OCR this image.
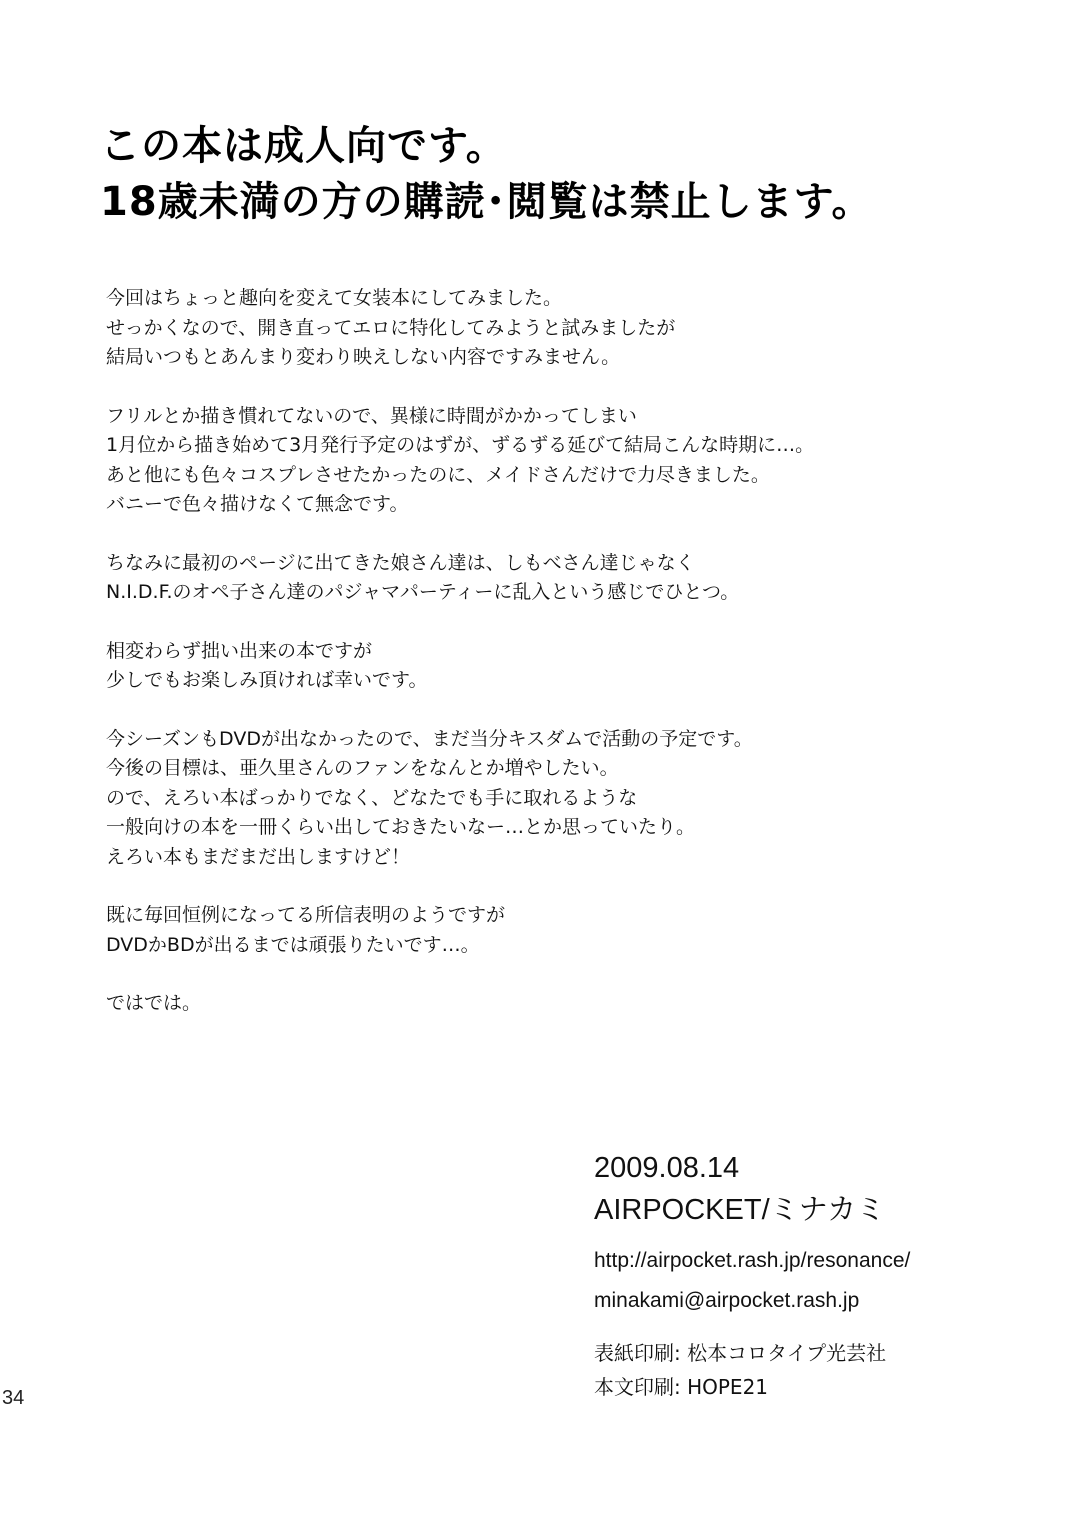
この本は成人向です。
18歳未満の方の購読･閲覧は禁止します。
今回はちょっと趣向を変えて女装本にしてみました。
せっかくなので、開き直ってエロに特化してみようと試みましたが
結局いつもとあんまり変わり映えしない内容ですみません。
フリルとか描き慣れてないので、異様に時間がかかってしまい
1月位から描き始めて3月発行予定のはずが、ずるずる延びて結局こんな時期に…。
あと他にも色々コスプレさせたかったのに、メイドさんだけで力尽きました。
バニーで色々描けなくて無念です。
ちなみに最初のページに出てきた娘さん達は、しもべさん達じゃなく
N.I.D.F.のオペ子さん達のパジャマパーティーに乱入という感じでひとつ。
相変わらず拙い出来の本ですが
少しでもお楽しみ頂ければ幸いです。
今シーズンもDVDが出なかったので、まだ当分キスダムで活動の予定です。
今後の目標は、亜久里さんのファンをなんとか増やしたい。
ので、えろい本ばっかりでなく、どなたでも手に取れるような
一般向けの本を一冊くらい出しておきたいなー…とか思っていたり。
えろい本もまだまだ出しますけど！
既に毎回恒例になってる所信表明のようですが
DVDかBDが出るまでは頑張りたいです…。
ではでは。
2009.08.14
AIRPOCKET/ミナカミ
http://airpocket.rash.jp/resonance/
minakami@airpocket.rash.jp
表紙印刷: 松本コロタイプ光芸社
本文印刷: HOPE21
34
